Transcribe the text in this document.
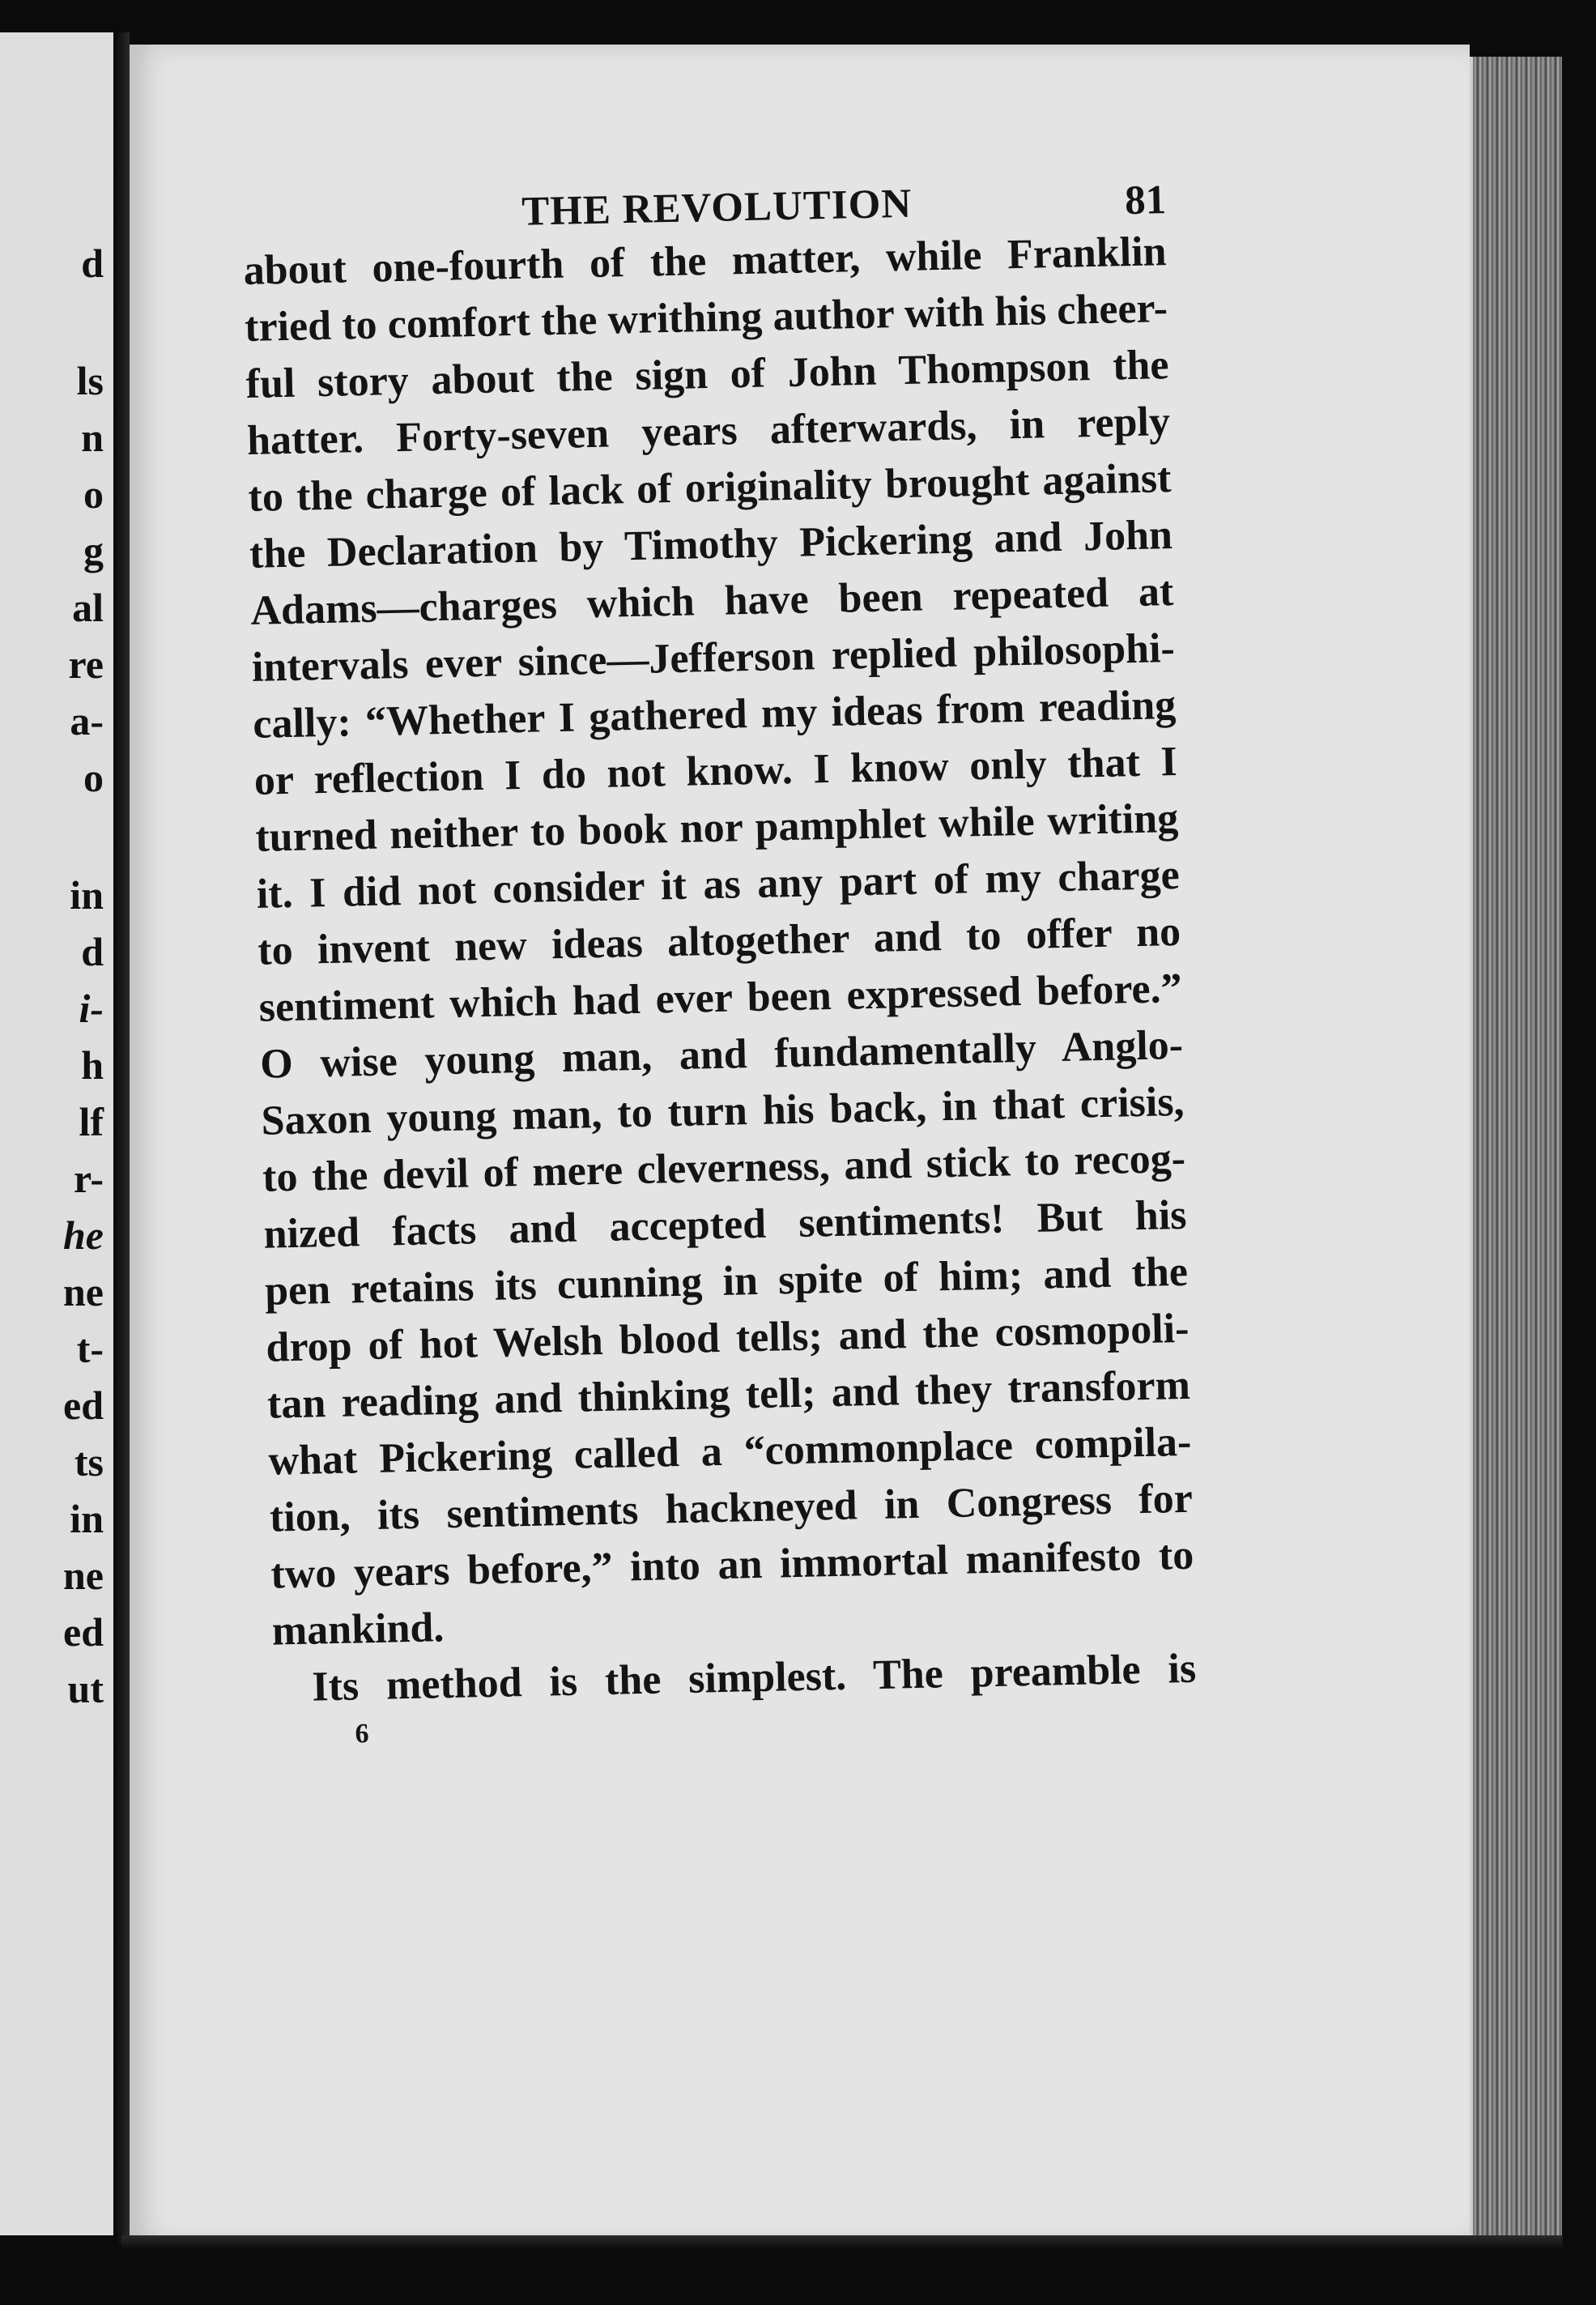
d
ls
n
o
g
al
re
a-
o
in
d
i-
h
lf
r-
he
ne
t-
ed
ts
in
ne
ed
ut
THE REVOLUTION	81
about one-fourth of the matter, while Franklin
tried to comfort the writhing author with his cheer-
ful story about the sign of John Thompson the
hatter. Forty-seven years afterwards, in reply
to the charge of lack of originality brought against
the Declaration by Timothy Pickering and John
Adams—charges which have been repeated at
intervals ever since—Jefferson replied philosophi-
cally: “Whether I gathered my ideas from reading
or reflection I do not know. I know only that I
turned neither to book nor pamphlet while writing
it. I did not consider it as any part of my charge
to invent new ideas altogether and to offer no
sentiment which had ever been expressed before.”
O wise young man, and fundamentally Anglo-
Saxon young man, to turn his back, in that crisis,
to the devil of mere cleverness, and stick to recog-
nized facts and accepted sentiments! But his
pen retains its cunning in spite of him; and the
drop of hot Welsh blood tells; and the cosmopoli-
tan reading and thinking tell; and they transform
what Pickering called a “commonplace compila-
tion, its sentiments hackneyed in Congress for
two years before,” into an immortal manifesto to
mankind.
Its method is the simplest. The preamble is
6
